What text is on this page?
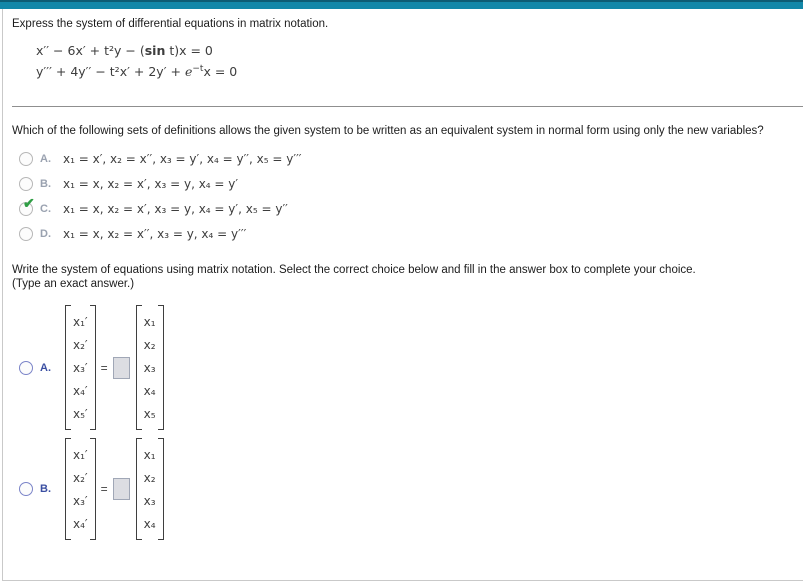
Express the system of differential equations in matrix notation.
x′′ − 6x′ + t²y − (sin t)x = 0
$y''' + 4y'' - t^2x' + 2y' + e^{-t}x = 0$
Which of the following sets of definitions allows the given system to be written as an equivalent system in normal form using only the new variables?
A.	x₁ = x′, x₂ = x′′, x₃ = y′, x₄ = y′′, x₅ = y′′′
B.	x₁ = x, x₂ = x′, x₃ = y, x₄ = y′
✔ C.	x₁ = x, x₂ = x′, x₃ = y, x₄ = y′, x₅ = y′′
D.	x₁ = x, x₂ = x′′, x₃ = y, x₄ = y′′′
Write the system of equations using matrix notation. Select the correct choice below and fill in the answer box to complete your choice.
(Type an exact answer.)
A.
x₁′
x₂′
x₃′
x₄′
x₅′
=
x₁
x₂
x₃
x₄
x₅
B.
x₁′
x₂′
x₃′
x₄′
=
x₁
x₂
x₃
x₄
